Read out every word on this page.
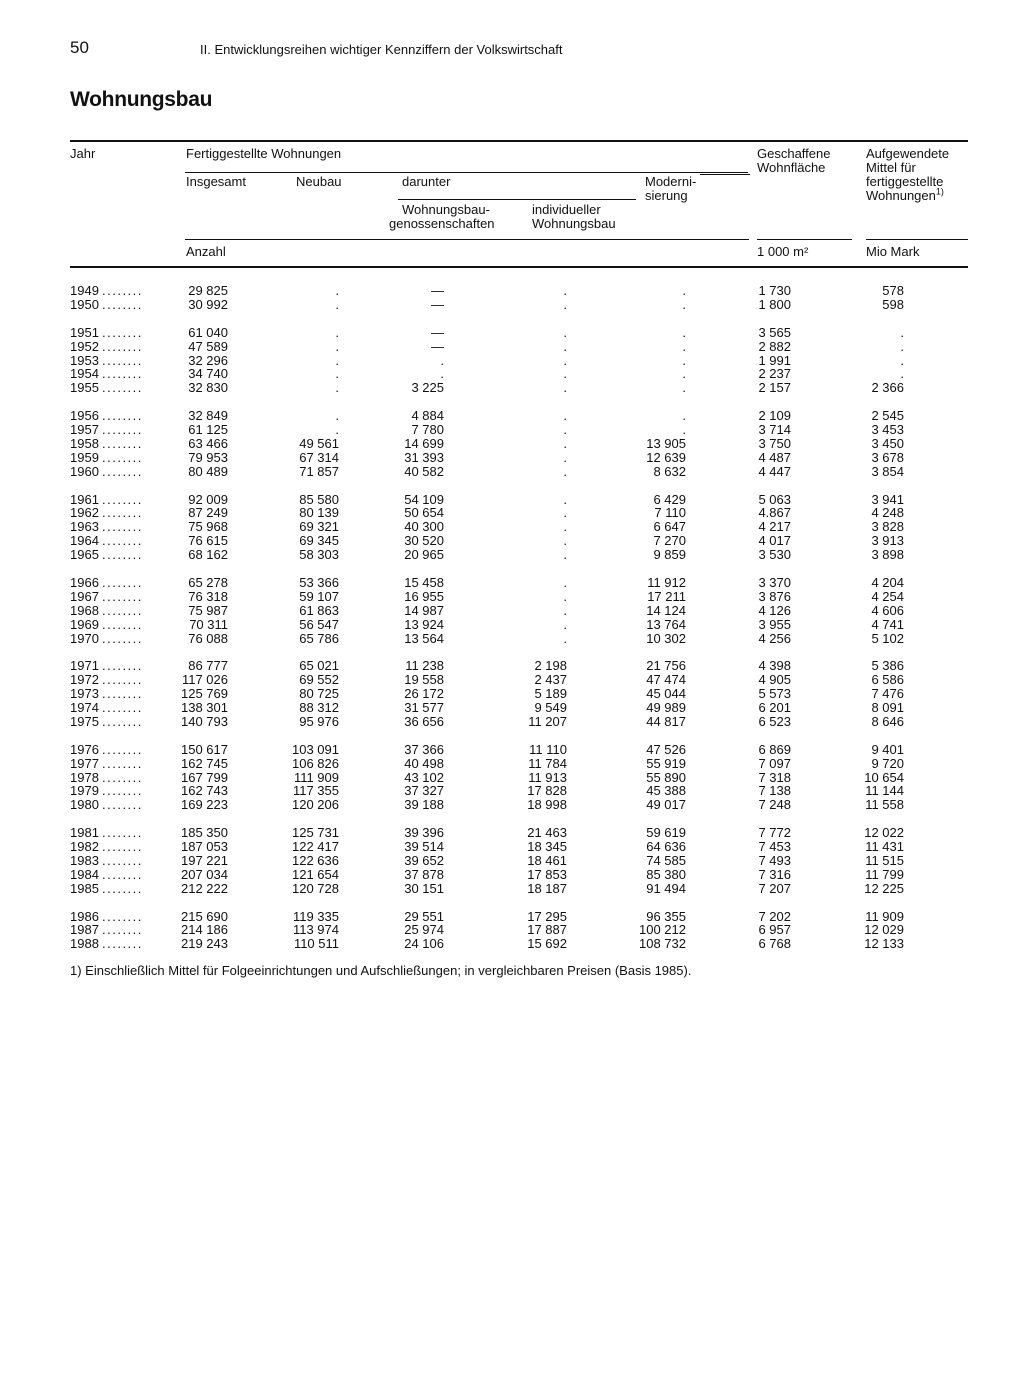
50	II. Entwicklungsreihen wichtiger Kennziffern der Volkswirtschaft
Wohnungsbau
Jahr	Fertiggestellte Wohnungen
Insgesamt	Neubau	darunter	Moderni-
sierung
Wohnungsbau-
genossenschaften
individueller
Wohnungsbau
Geschaffene
Wohnfläche
Aufgewendete
Mittel für
fertiggestellte
Wohnungen$^{1)}$
Anzahl	1 000 m²	Mio Mark
1949 ........	29 825	.	—	.	.	1 730	578
1950 ........	30 992	.	—	.	.	1 800	598
1951 ........	61 040	.	—	.	.	3 565	.
1952 ........	47 589	.	—	.	.	2 882	.
1953 ........	32 296	.	.	.	.	1 991	.
1954 ........	34 740	.	.	.	.	2 237	.
1955 ........	32 830	.	3 225	.	.	2 157	2 366
1956 ........	32 849	.	4 884	.	.	2 109	2 545
1957 ........	61 125	.	7 780	.	.	3 714	3 453
1958 ........	63 466	49 561	14 699	.	13 905	3 750	3 450
1959 ........	79 953	67 314	31 393	.	12 639	4 487	3 678
1960 ........	80 489	71 857	40 582	.	8 632	4 447	3 854
1961 ........	92 009	85 580	54 109	.	6 429	5 063	3 941
1962 ........	87 249	80 139	50 654	.	7 110	4.867	4 248
1963 ........	75 968	69 321	40 300	.	6 647	4 217	3 828
1964 ........	76 615	69 345	30 520	.	7 270	4 017	3 913
1965 ........	68 162	58 303	20 965	.	9 859	3 530	3 898
1966 ........	65 278	53 366	15 458	.	11 912	3 370	4 204
1967 ........	76 318	59 107	16 955	.	17 211	3 876	4 254
1968 ........	75 987	61 863	14 987	.	14 124	4 126	4 606
1969 ........	70 311	56 547	13 924	.	13 764	3 955	4 741
1970 ........	76 088	65 786	13 564	.	10 302	4 256	5 102
1971 ........	86 777	65 021	11 238	2 198	21 756	4 398	5 386
1972 ........	117 026	69 552	19 558	2 437	47 474	4 905	6 586
1973 ........	125 769	80 725	26 172	5 189	45 044	5 573	7 476
1974 ........	138 301	88 312	31 577	9 549	49 989	6 201	8 091
1975 ........	140 793	95 976	36 656	11 207	44 817	6 523	8 646
1976 ........	150 617	103 091	37 366	11 110	47 526	6 869	9 401
1977 ........	162 745	106 826	40 498	11 784	55 919	7 097	9 720
1978 ........	167 799	111 909	43 102	11 913	55 890	7 318	10 654
1979 ........	162 743	117 355	37 327	17 828	45 388	7 138	11 144
1980 ........	169 223	120 206	39 188	18 998	49 017	7 248	11 558
1981 ........	185 350	125 731	39 396	21 463	59 619	7 772	12 022
1982 ........	187 053	122 417	39 514	18 345	64 636	7 453	11 431
1983 ........	197 221	122 636	39 652	18 461	74 585	7 493	11 515
1984 ........	207 034	121 654	37 878	17 853	85 380	7 316	11 799
1985 ........	212 222	120 728	30 151	18 187	91 494	7 207	12 225
1986 ........	215 690	119 335	29 551	17 295	96 355	7 202	11 909
1987 ........	214 186	113 974	25 974	17 887	100 212	6 957	12 029
1988 ........	219 243	110 511	24 106	15 692	108 732	6 768	12 133
1) Einschließlich Mittel für Folgeeinrichtungen und Aufschließungen; in vergleichbaren Preisen (Basis 1985).
